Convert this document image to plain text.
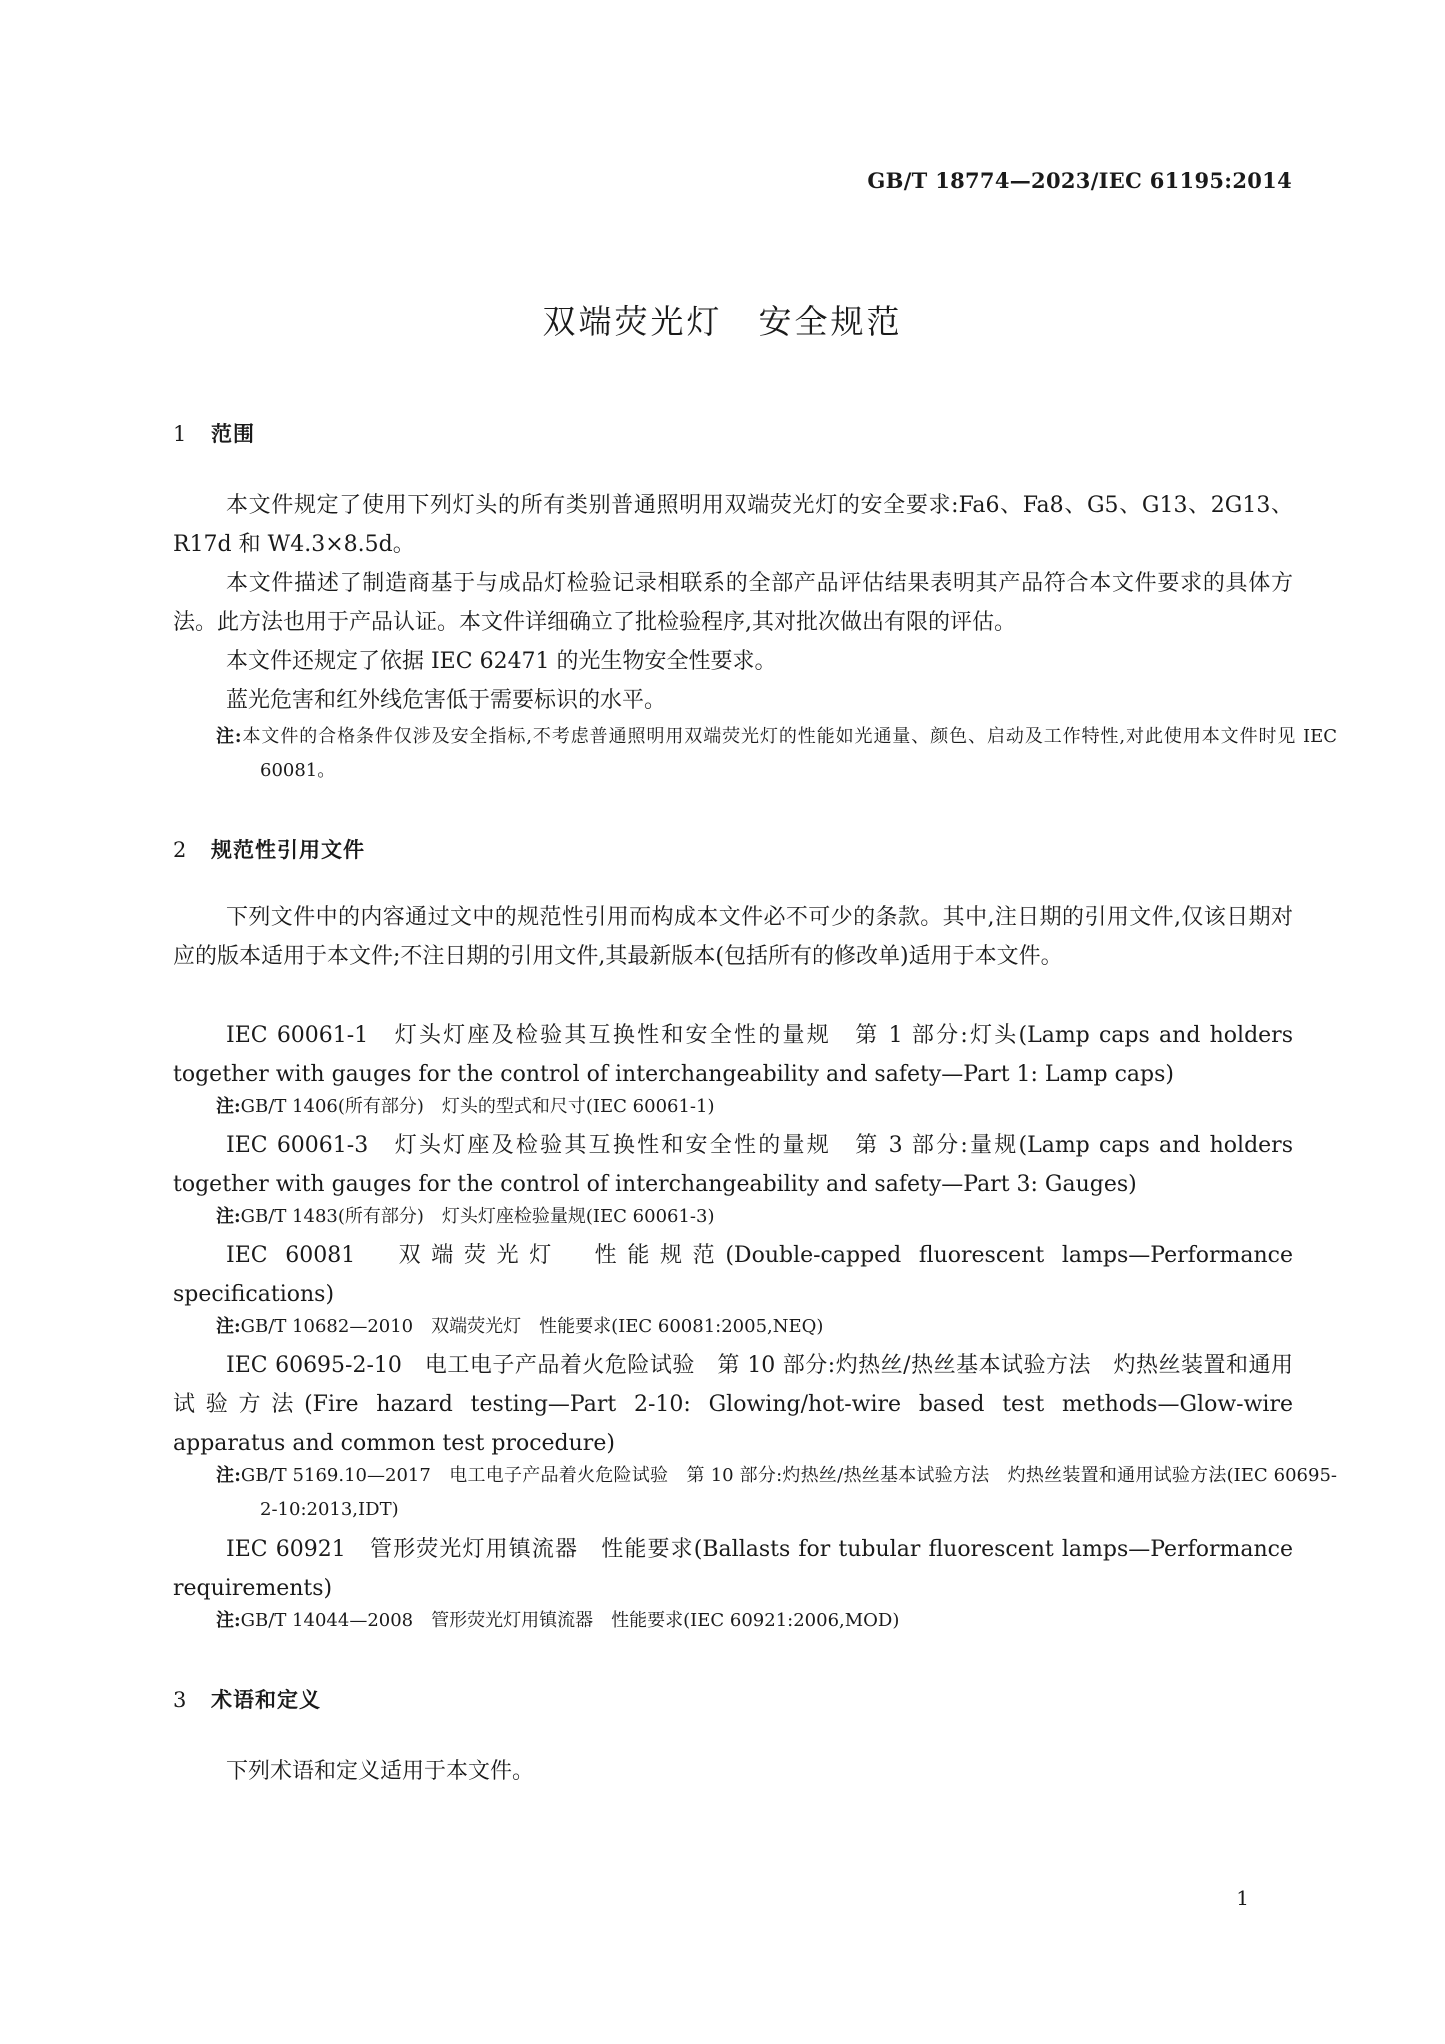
GB/T 18774—2023/IEC 61195:2014
双端荧光灯 安全规范
1 范围

本文件规定了使用下列灯头的所有类别普通照明用双端荧光灯的安全要求:Fa6、Fa8、G5、G13、2G13、R17d 和 W4.3×8.5d。

本文件描述了制造商基于与成品灯检验记录相联系的全部产品评估结果表明其产品符合本文件要求的具体方法。此方法也用于产品认证。本文件详细确立了批检验程序,其对批次做出有限的评估。

本文件还规定了依据 IEC 62471 的光生物安全性要求。

蓝光危害和红外线危害低于需要标识的水平。

注:本文件的合格条件仅涉及安全指标,不考虑普通照明用双端荧光灯的性能如光通量、颜色、启动及工作特性,对此使用本文件时见 IEC 60081。

2 规范性引用文件

下列文件中的内容通过文中的规范性引用而构成本文件必不可少的条款。其中,注日期的引用文件,仅该日期对应的版本适用于本文件;不注日期的引用文件,其最新版本(包括所有的修改单)适用于本文件。

IEC 60061-1　灯头灯座及检验其互换性和安全性的量规　第 1 部分:灯头(Lamp caps and holders together with gauges for the control of interchangeability and safety—Part 1: Lamp caps)

注:GB/T 1406(所有部分)　灯头的型式和尺寸(IEC 60061-1)

IEC 60061-3　灯头灯座及检验其互换性和安全性的量规　第 3 部分:量规(Lamp caps and holders together with gauges for the control of interchangeability and safety—Part 3: Gauges)

注:GB/T 1483(所有部分)　灯头灯座检验量规(IEC 60061-3)

IEC 60081　双端荧光灯　性能规范(Double-capped fluorescent lamps—Performance specifications)

注:GB/T 10682—2010　双端荧光灯　性能要求(IEC 60081:2005,NEQ)

IEC 60695-2-10　电工电子产品着火危险试验　第 10 部分:灼热丝/热丝基本试验方法　灼热丝装置和通用试验方法(Fire hazard testing—Part 2-10: Glowing/hot-wire based test methods—Glow-wire apparatus and common test procedure)

注:GB/T 5169.10—2017　电工电子产品着火危险试验　第 10 部分:灼热丝/热丝基本试验方法　灼热丝装置和通用试验方法(IEC 60695-2-10:2013,IDT)

IEC 60921　管形荧光灯用镇流器　性能要求(Ballasts for tubular fluorescent lamps—Performance requirements)

注:GB/T 14044—2008　管形荧光灯用镇流器　性能要求(IEC 60921:2006,MOD)

3 术语和定义

下列术语和定义适用于本文件。

1
